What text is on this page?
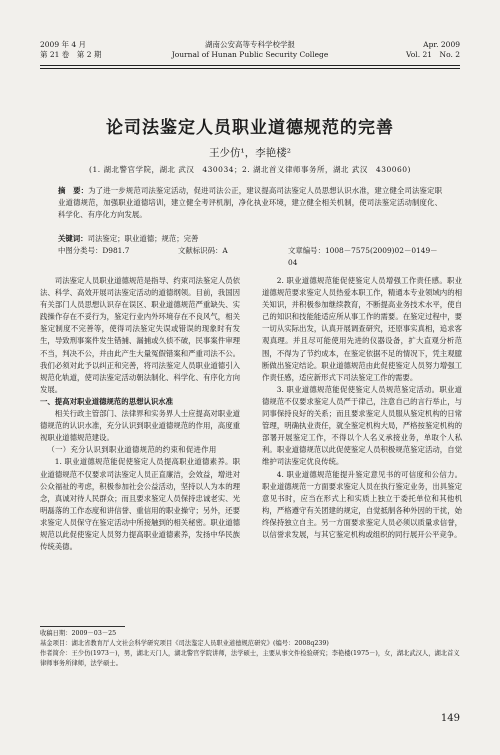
2009 年 4 月
第 21 卷　第 2 期
湖南公安高等专科学校学报
Journal of Hunan Public Security College
Apr. 2009
Vol. 21　No. 2
论司法鉴定人员职业道德规范的完善
王少仿¹，李艳楼²
(1. 湖北警官学院，湖北 武汉　430034；2. 湖北首义律师事务所，湖北 武汉　430060)
摘　要：为了进一步规范司法鉴定活动，促进司法公正，建议提高司法鉴定人员思想认识水准，建立健全司法鉴定职业道德规范，加强职业道德培训，建立健全考评机制，净化执业环境，建立健全相关机制，使司法鉴定活动制度化、科学化、有序化方向发展。
关键词：司法鉴定；职业道德；规范；完善
中图分类号：D981.7	文献标识码：A	文章编号：1008－7575(2009)02－0149－04

司法鉴定人员职业道德规范是指导、约束司法鉴定人员依法、科学、高效开展司法鉴定活动的道德纲领。目前，我国因有关部门人员思想认识存在误区、职业道德规范严重缺失、实践操作存在不妥行为，鉴定行业内外环境存在不良风气，相关鉴定制度不完善等，使得司法鉴定失误或错误的现象时有发生，导致刑事案件发生错捕、漏捕或久侦不破，民事案件审理不当，判决不公，并由此产生大量冤假错案和严重司法不公。我们必须对此予以纠正和完善，将司法鉴定人员职业道德引入规范化轨道，使司法鉴定活动朝法制化、科学化、有序化方向发展。

一、提高对职业道德规范的思想认识水准

相关行政主管部门、法律界和实务界人士应提高对职业道德规范的认识水准，充分认识到职业道德规范的作用，高度重视职业道德规范建设。

（一）充分认识到职业道德规范的约束和促进作用

1. 职业道德规范能促使鉴定人员提高职业道德素养。职业道德规范不仅要求司法鉴定人员正直廉洁，会效益，增进对公众福祉的考虑，积极参加社会公益活动，坚持以人为本的理念，真诚对待人民群众；而且要求鉴定人员保持忠诚老实、光明磊落的工作态度和讲信誉、重信用的职业操守；另外，还要求鉴定人员保守在鉴定活动中所接触到的相关秘密。职业道德规范以此促使鉴定人员努力提高职业道德素养，发扬中华民族传统美德。

2. 职业道德规范能促使鉴定人员增强工作责任感。职业道德规范要求鉴定人员热爱本职工作，精通本专业领域内的相关知识，并积极参加继续教育，不断提高业务技术水平，使自己的知识和技能能适应所从事工作的需要。在鉴定过程中，要一切从实际出发，认真开展调查研究，还原事实真相，追求客观真理。并且尽可能使用先进的仪器设备，扩大直观分析范围，不得为了节约成本，在鉴定依据不足的情况下，凭主观臆断做出鉴定结论。职业道德规范由此促使鉴定人员努力增强工作责任感，适应新形式下司法鉴定工作的需要。

3. 职业道德规范能促使鉴定人员规范鉴定活动。职业道德规范不仅要求鉴定人员严于律己，注意自己的言行举止，与同事保持良好的关系；而且要求鉴定人员服从鉴定机构的日常管理，明确执业责任，就全鉴定机构大局，严格按鉴定机构的部署开展鉴定工作，不得以个人名义承接业务，单取个人私利。职业道德规范以此促使鉴定人员积极规范鉴定活动，自觉维护司法鉴定优良传统。

4. 职业道德规范能提升鉴定意见书的可信度和公信力。职业道德规范一方面要求鉴定人员在执行鉴定业务，出具鉴定意见书时，应当在形式上和实质上独立于委托单位和其他机构，严格遵守有关团建的规定，自觉抵制各种外因的干扰，始终保持独立自主。另一方面要求鉴定人员必须以质量求信誉，以信誉求发展，与其它鉴定机构或组织的同行展开公平竞争。

收稿日期：2009－03－25

基金项目：湖北省教育厅人文社会科学研究项目《司法鉴定人员职业道德规范研究》(编号：2008q239)

作者简介：王少仿(1973－)，男，湖北天门人，湖北警官学院讲师，法学硕士，主要从事文件检验研究；李艳楼(1975－)，女，湖北武汉人，湖北首义律师事务所律师，法学硕士。

149
